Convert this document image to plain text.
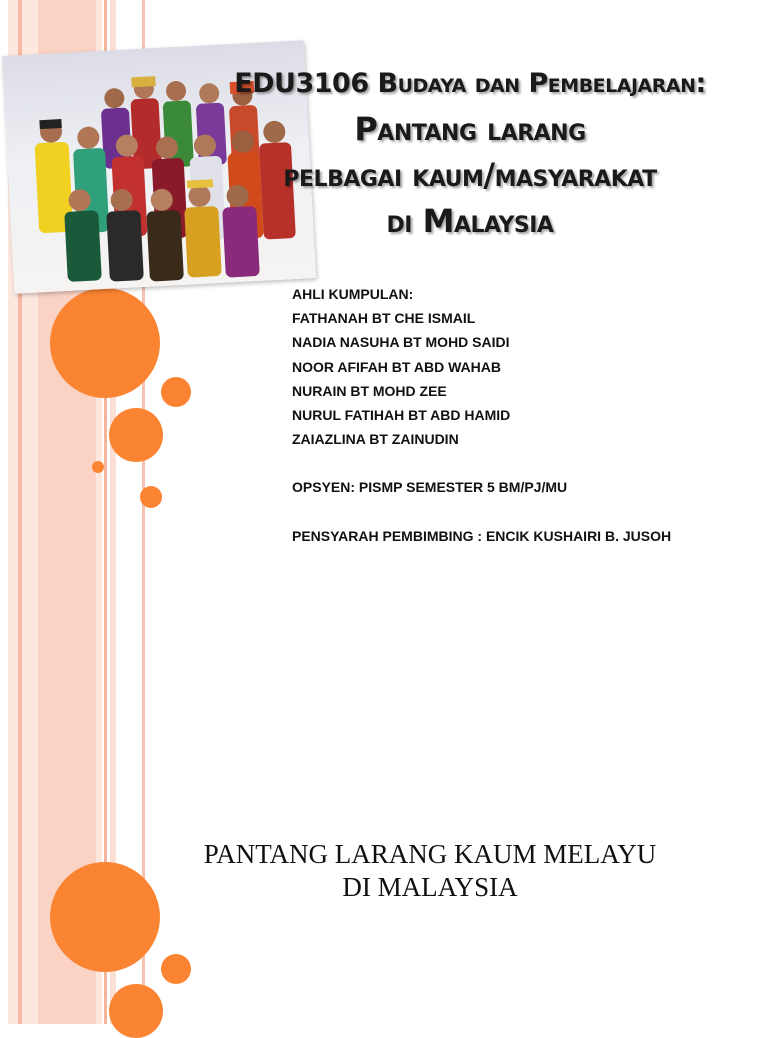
EDU3106 Budaya dan Pembelajaran:
Pantang larang
pelbagai kaum/masyarakat
di Malaysia
AHLI KUMPULAN:
FATHANAH BT CHE ISMAIL
NADIA NASUHA BT MOHD SAIDI
NOOR AFIFAH BT ABD WAHAB
NURAIN BT MOHD ZEE
NURUL FATIHAH BT ABD HAMID
ZAIAZLINA BT ZAINUDIN
OPSYEN: PISMP SEMESTER 5 BM/PJ/MU
PENSYARAH PEMBIMBING : ENCIK KUSHAIRI B. JUSOH
PANTANG LARANG KAUM MELAYU
DI MALAYSIA
